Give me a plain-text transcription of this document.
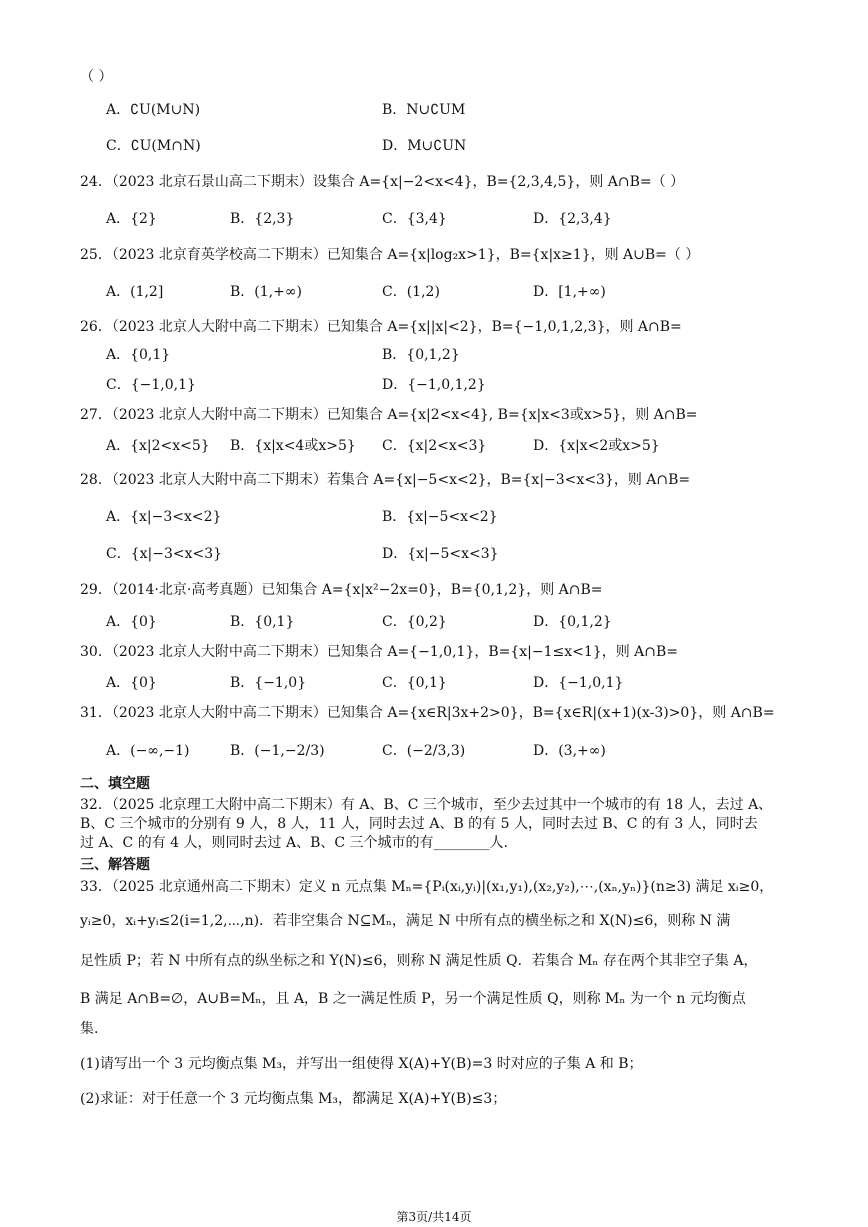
（ ）
A．∁U(M∪N)	B．N∪∁UM
C．∁U(M∩N)	D．M∪∁UN
24．（2023 北京石景山高二下期末）设集合 A={x|−2<x<4}，B={2,3,4,5}，则 A∩B=（ ）
A．{2}	B．{2,3}	C．{3,4}	D．{2,3,4}
25．（2023 北京育英学校高二下期末）已知集合 A={x|log₂x>1}，B={x|x≥1}，则 A∪B=（ ）
A．(1,2]	B．(1,+∞)	C．(1,2)	D．[1,+∞)
26．（2023 北京人大附中高二下期末）已知集合 A={x||x|<2}，B={−1,0,1,2,3}，则 A∩B=
A．{0,1}	B．{0,1,2}
C．{−1,0,1}	D．{−1,0,1,2}
27．（2023 北京人大附中高二下期末）已知集合 A={x|2<x<4}, B={x|x<3或x>5}，则 A∩B=
A．{x|2<x<5} B．{x|x<4或x>5} C．{x|2<x<3}	D．{x|x<2或x>5}
28．（2023 北京人大附中高二下期末）若集合 A={x|−5<x<2}，B={x|−3<x<3}，则 A∩B=
A．{x|−3<x<2}	B．{x|−5<x<2}
C．{x|−3<x<3}	D．{x|−5<x<3}
29．（2014·北京·高考真题）已知集合 A={x|x²−2x=0}，B={0,1,2}，则 A∩B=
A．{0}	B．{0,1}	C．{0,2}	D．{0,1,2}
30．（2023 北京人大附中高二下期末）已知集合 A={−1,0,1}，B={x|−1≤x<1}，则 A∩B=
A．{0}	B．{−1,0}	C．{0,1}	D．{−1,0,1}
31．（2023 北京人大附中高二下期末）已知集合 A={x∈R|3x+2>0}，B={x∈R|(x+1)(x-3)>0}，则 A∩B=
A．(−∞,−1)	B．(−1,−2/3)	C．(−2/3,3)	D．(3,+∞)
二、填空题
32．（2025 北京理工大附中高二下期末）有 A、B、C 三个城市，至少去过其中一个城市的有 18 人，去过 A、
B、C 三个城市的分别有 9 人，8 人，11 人，同时去过 A、B 的有 5 人，同时去过 B、C 的有 3 人，同时去
过 A、C 的有 4 人，则同时去过 A、B、C 三个城市的有________人.
三、解答题
33．（2025 北京通州高二下期末）定义 n 元点集 Mₙ={Pᵢ(xᵢ,yᵢ)|(x₁,y₁),(x₂,y₂),⋯,(xₙ,yₙ)}(n≥3) 满足 xᵢ≥0，
yᵢ≥0，xᵢ+yᵢ≤2(i=1,2,⋯,n)．若非空集合 N⊆Mₙ，满足 N 中所有点的横坐标之和 X(N)≤6，则称 N 满
足性质 P；若 N 中所有点的纵坐标之和 Y(N)≤6，则称 N 满足性质 Q．若集合 Mₙ 存在两个其非空子集 A，
B 满足 A∩B=∅，A∪B=Mₙ，且 A，B 之一满足性质 P，另一个满足性质 Q，则称 Mₙ 为一个 n 元均衡点
集.
(1)请写出一个 3 元均衡点集 M₃，并写出一组使得 X(A)+Y(B)=3 时对应的子集 A 和 B；
(2)求证：对于任意一个 3 元均衡点集 M₃，都满足 X(A)+Y(B)≤3；
第3页/共14页
